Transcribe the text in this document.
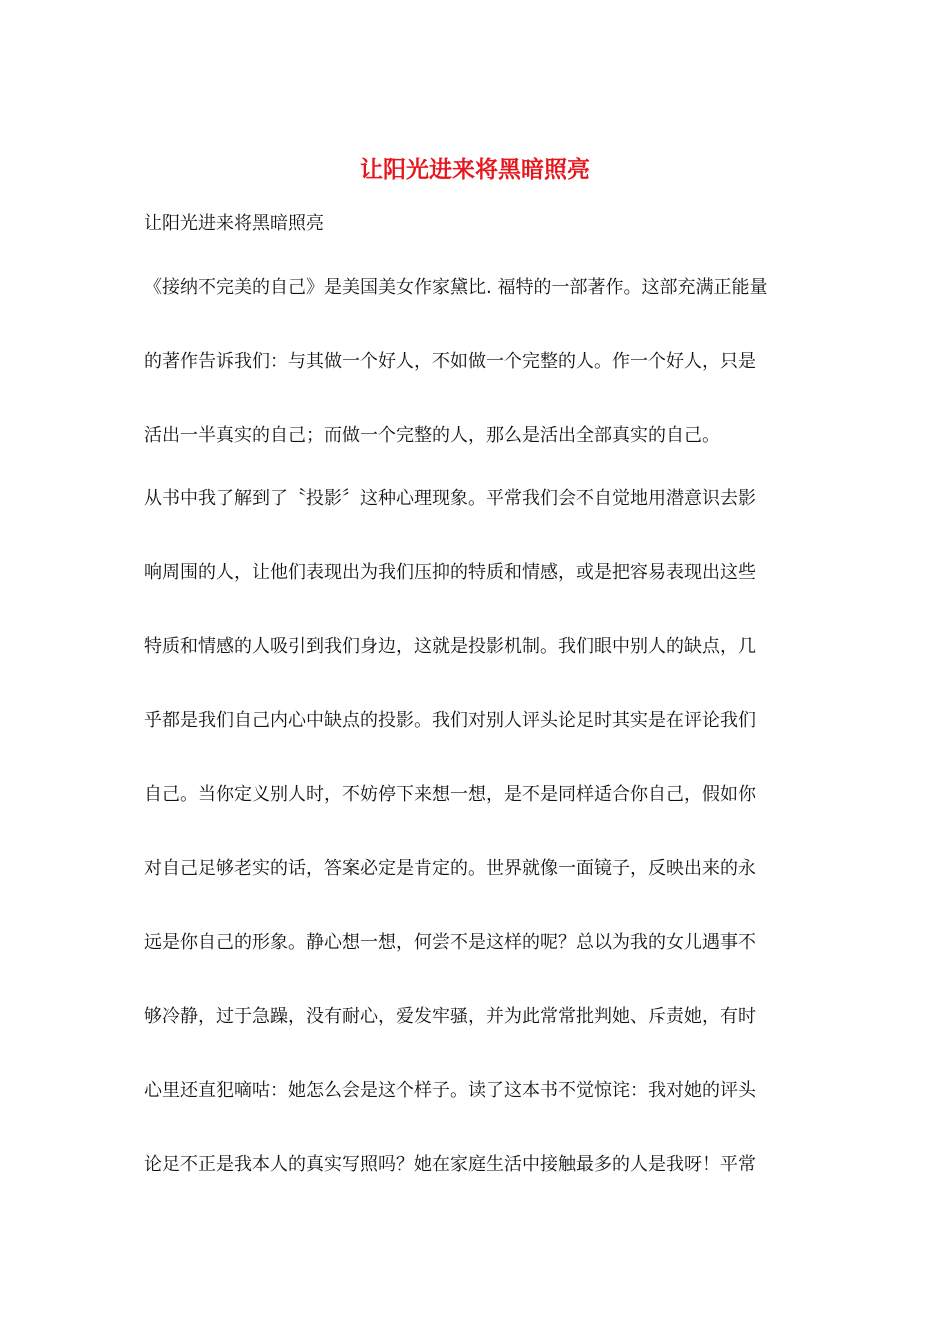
让阳光进来将黑暗照亮

让阳光进来将黑暗照亮

《接纳不完美的自己》是美国美女作家黛比. 福特的一部著作。这部充满正能量

的著作告诉我们：与其做一个好人，不如做一个完整的人。作一个好人，只是

活出一半真实的自己；而做一个完整的人，那么是活出全部真实的自己。

从书中我了解到了〝投影〞这种心理现象。平常我们会不自觉地用潜意识去影

响周围的人，让他们表现出为我们压抑的特质和情感，或是把容易表现出这些

特质和情感的人吸引到我们身边，这就是投影机制。我们眼中别人的缺点，几

乎都是我们自己内心中缺点的投影。我们对别人评头论足时其实是在评论我们

自己。当你定义别人时，不妨停下来想一想，是不是同样适合你自己，假如你

对自己足够老实的话，答案必定是肯定的。世界就像一面镜子，反映出来的永

远是你自己的形象。静心想一想，何尝不是这样的呢？总以为我的女儿遇事不

够冷静，过于急躁，没有耐心，爱发牢骚，并为此常常批判她、斥责她，有时

心里还直犯嘀咕：她怎么会是这个样子。读了这本书不觉惊诧：我对她的评头

论足不正是我本人的真实写照吗？她在家庭生活中接触最多的人是我呀！平常
